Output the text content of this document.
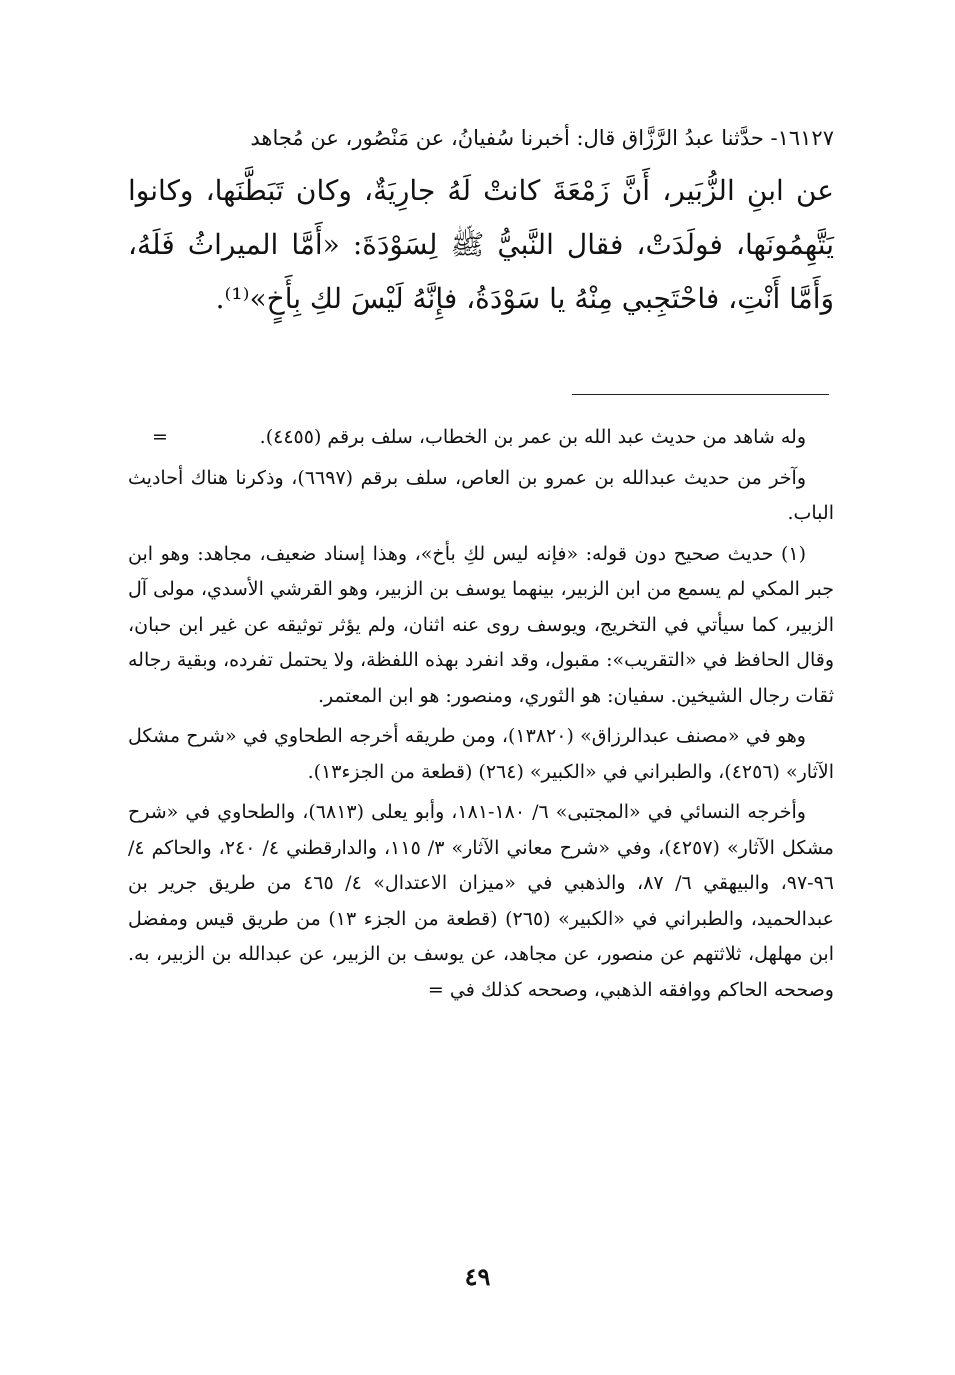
١٦١٢٧- حدَّثنا عبدُ الرَّزَّاق قال: أخبرنا سُفيانُ، عن مَنْصُور، عن مُجاهد

عن ابنِ الزُّبَير، أَنَّ زَمْعَةَ كانتْ لَهُ جارِيَةٌ، وكان تَبَطَّنَها، وكانوا يَتَّهِمُونَها، فولَدَتْ، فقال النَّبيُّ ﷺ لِسَوْدَةَ: «أَمَّا الميراثُ فَلَهُ، وَأَمَّا أَنْتِ، فاحْتَجِبي مِنْهُ يا سَوْدَةُ، فإِنَّهُ لَيْسَ لكِ بِأَخٍ»⁽¹⁾.

=	وله شاهد من حديث عبد الله بن عمر بن الخطاب، سلف برقم (٤٤٥٥).

وآخر من حديث عبدالله بن عمرو بن العاص، سلف برقم (٦٦٩٧)، وذكرنا هناك أحاديث الباب.

(١) حديث صحيح دون قوله: «فإنه ليس لكِ بأخ»، وهذا إسناد ضعيف، مجاهد: وهو ابن جبر المكي لم يسمع من ابن الزبير، بينهما يوسف بن الزبير، وهو القرشي الأسدي، مولى آل الزبير، كما سيأتي في التخريج، ويوسف روى عنه اثنان، ولم يؤثر توثيقه عن غير ابن حبان، وقال الحافظ في «التقريب»: مقبول، وقد انفرد بهذه اللفظة، ولا يحتمل تفرده، وبقية رجاله ثقات رجال الشيخين. سفيان: هو الثوري، ومنصور: هو ابن المعتمر.

وهو في «مصنف عبدالرزاق» (١٣٨٢٠)، ومن طريقه أخرجه الطحاوي في «شرح مشكل الآثار» (٤٢٥٦)، والطبراني في «الكبير» (٢٦٤) (قطعة من الجزء١٣).

وأخرجه النسائي في «المجتبى» ٦/ ١٨٠-١٨١، وأبو يعلى (٦٨١٣)، والطحاوي في «شرح مشكل الآثار» (٤٢٥٧)، وفي «شرح معاني الآثار» ٣/ ١١٥، والدارقطني ٤/ ٢٤٠، والحاكم ٤/ ٩٦-٩٧، والبيهقي ٦/ ٨٧، والذهبي في «ميزان الاعتدال» ٤/ ٤٦٥ من طريق جرير بن عبدالحميد، والطبراني في «الكبير» (٢٦٥) (قطعة من الجزء ١٣) من طريق قيس ومفضل ابن مهلهل، ثلاثتهم عن منصور، عن مجاهد، عن يوسف بن الزبير، عن عبدالله بن الزبير، به. وصححه الحاكم ووافقه الذهبي، وصححه كذلك في =

٤٩
